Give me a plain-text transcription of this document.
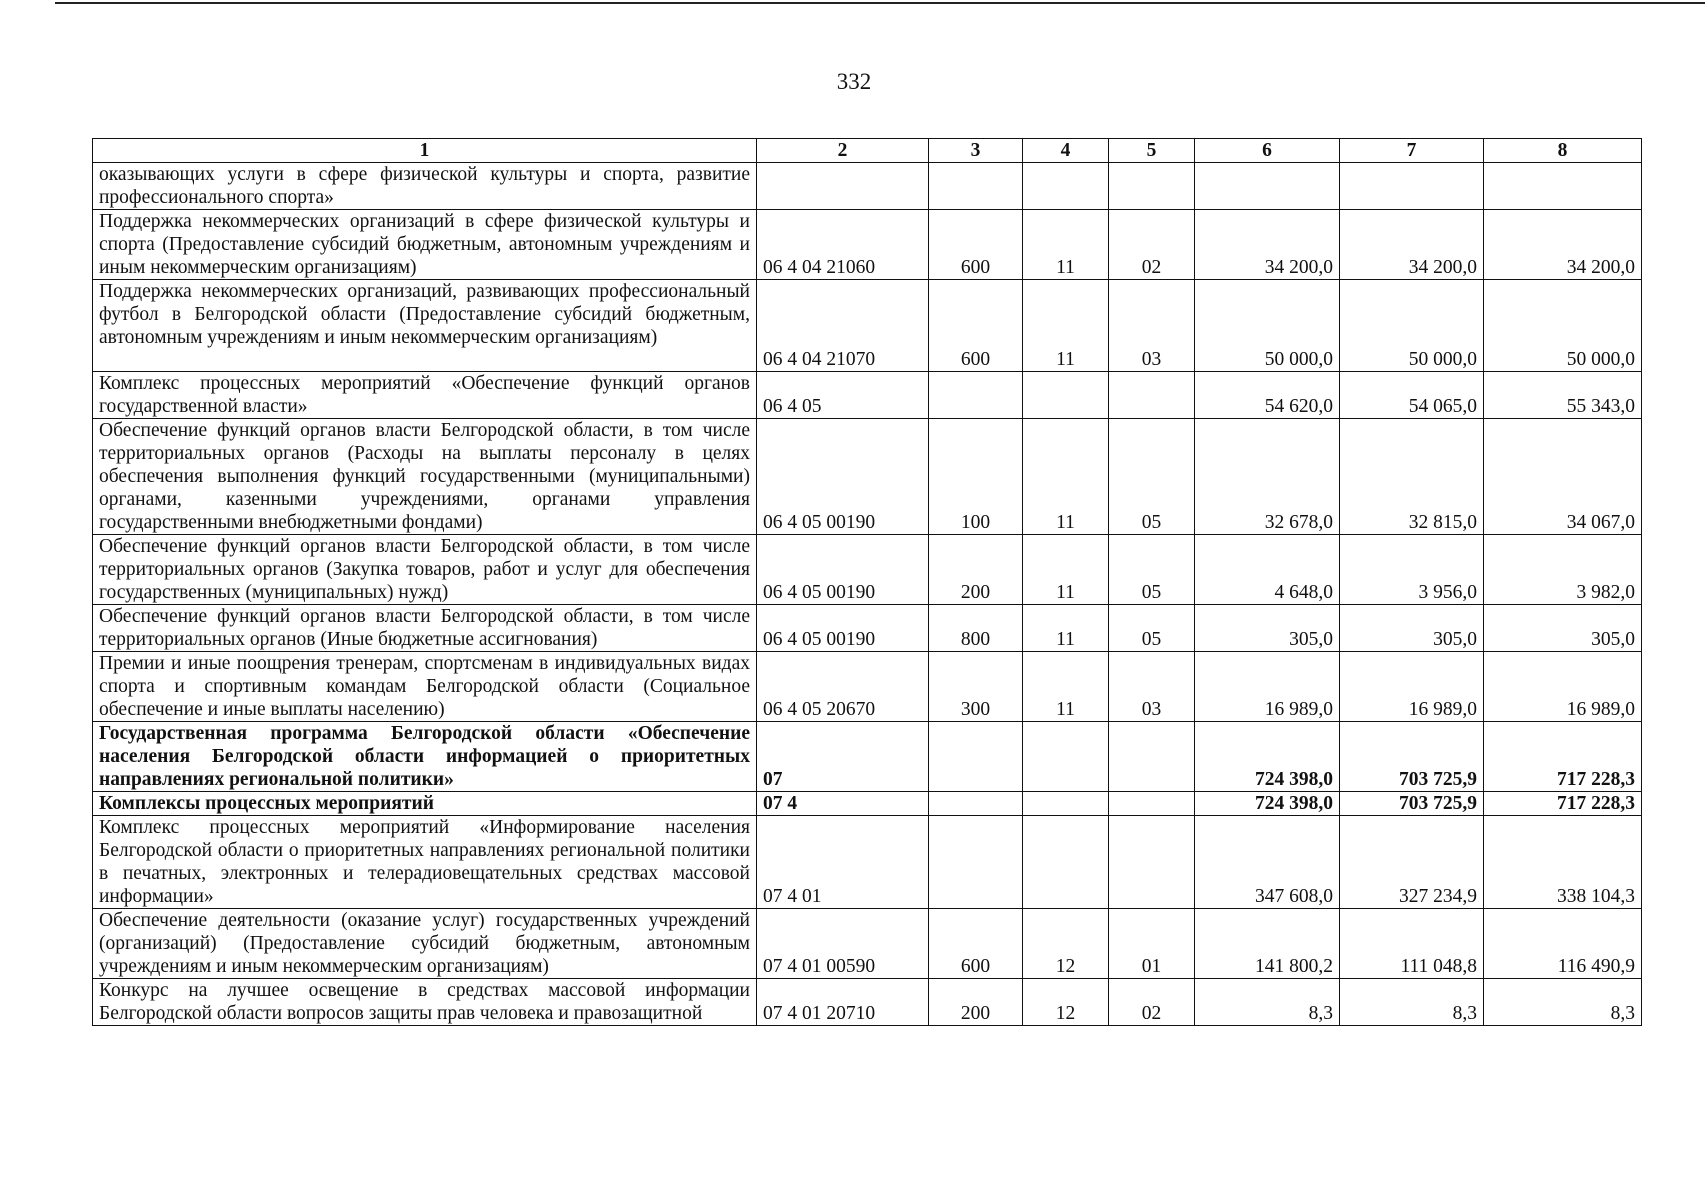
332
1	2	3	4	5	6	7	8
оказывающих услуги в сфере физической культуры и спорта, развитие профессионального спорта»							
Поддержка некоммерческих организаций в сфере физической культуры и спорта (Предоставление субсидий бюджетным, автономным учреждениям и иным некоммерческим организациям)	06 4 04 21060	600	11	02	34 200,0	34 200,0	34 200,0
Поддержка некоммерческих организаций, развивающих профессиональный футбол в Белгородской области (Предоставление субсидий бюджетным, автономным учреждениям и иным некоммерческим организациям)	06 4 04 21070	600	11	03	50 000,0	50 000,0	50 000,0
Комплекс процессных мероприятий «Обеспечение функций органов государственной власти»	06 4 05				54 620,0	54 065,0	55 343,0
Обеспечение функций органов власти Белгородской области, в том числе территориальных органов (Расходы на выплаты персоналу в целях обеспечения выполнения функций государственными (муниципальными) органами, казенными учреждениями, органами управления государственными внебюджетными фондами)	06 4 05 00190	100	11	05	32 678,0	32 815,0	34 067,0
Обеспечение функций органов власти Белгородской области, в том числе территориальных органов (Закупка товаров, работ и услуг для обеспечения государственных (муниципальных) нужд)	06 4 05 00190	200	11	05	4 648,0	3 956,0	3 982,0
Обеспечение функций органов власти Белгородской области, в том числе территориальных органов (Иные бюджетные ассигнования)	06 4 05 00190	800	11	05	305,0	305,0	305,0
Премии и иные поощрения тренерам, спортсменам в индивидуальных видах спорта и спортивным командам Белгородской области (Социальное обеспечение и иные выплаты населению)	06 4 05 20670	300	11	03	16 989,0	16 989,0	16 989,0
Государственная программа Белгородской области «Обеспечение населения Белгородской области информацией о приоритетных направлениях региональной политики»	07				724 398,0	703 725,9	717 228,3
Комплексы процессных мероприятий	07 4				724 398,0	703 725,9	717 228,3
Комплекс процессных мероприятий «Информирование населения Белгородской области о приоритетных направлениях региональной политики в печатных, электронных и телерадиовещательных средствах массовой информации»	07 4 01				347 608,0	327 234,9	338 104,3
Обеспечение деятельности (оказание услуг) государственных учреждений (организаций) (Предоставление субсидий бюджетным, автономным учреждениям и иным некоммерческим организациям)	07 4 01 00590	600	12	01	141 800,2	111 048,8	116 490,9
Конкурс на лучшее освещение в средствах массовой информации Белгородской области вопросов защиты прав человека и правозащитной	07 4 01 20710	200	12	02	8,3	8,3	8,3
